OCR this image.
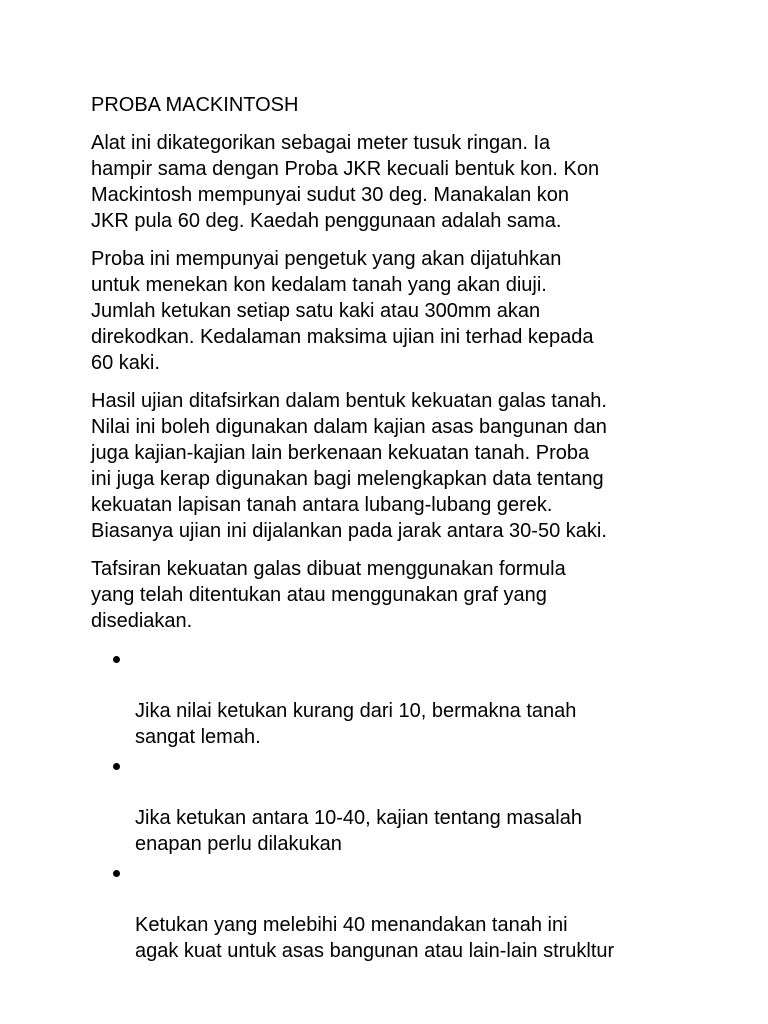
PROBA MACKINTOSH

Alat ini dikategorikan sebagai meter tusuk ringan. Ia
hampir sama dengan Proba JKR kecuali bentuk kon. Kon
Mackintosh mempunyai sudut 30 deg. Manakalan kon
JKR pula 60 deg. Kaedah penggunaan adalah sama.

Proba ini mempunyai pengetuk yang akan dijatuhkan
untuk menekan kon kedalam tanah yang akan diuji.
Jumlah ketukan setiap satu kaki atau 300mm akan
direkodkan. Kedalaman maksima ujian ini terhad kepada
60 kaki.

Hasil ujian ditafsirkan dalam bentuk kekuatan galas tanah.
Nilai ini boleh digunakan dalam kajian asas bangunan dan
juga kajian-kajian lain berkenaan kekuatan tanah. Proba
ini juga kerap digunakan bagi melengkapkan data tentang
kekuatan lapisan tanah antara lubang-lubang gerek.
Biasanya ujian ini dijalankan pada jarak antara 30-50 kaki.

Tafsiran kekuatan galas dibuat menggunakan formula
yang telah ditentukan atau menggunakan graf yang
disediakan.

Jika nilai ketukan kurang dari 10, bermakna tanah
sangat lemah.

Jika ketukan antara 10-40, kajian tentang masalah
enapan perlu dilakukan

Ketukan yang melebihi 40 menandakan tanah ini
agak kuat untuk asas bangunan atau lain-lain strukltur
